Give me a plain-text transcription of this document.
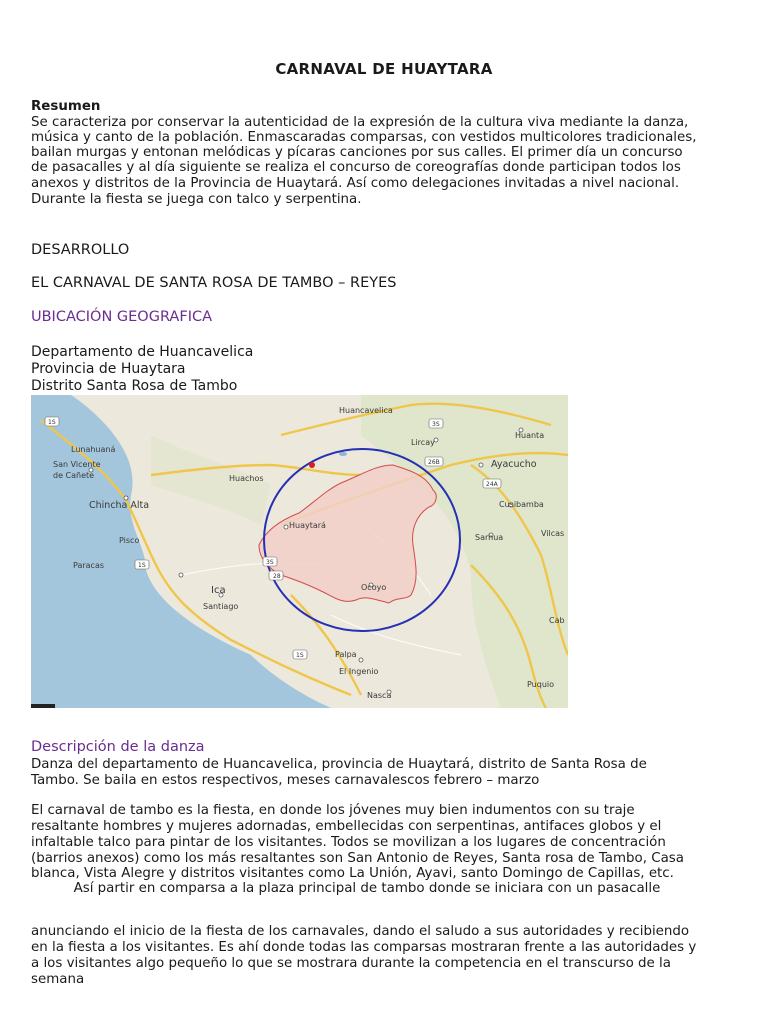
CARNAVAL DE HUAYTARA
Resumen
Se caracteriza por conservar la autenticidad de la expresión de la cultura viva mediante la danza,
música y canto de la población. Enmascaradas comparsas, con vestidos multicolores tradicionales,
bailan murgas y entonan melódicas y pícaras canciones por sus calles. El primer día un concurso
de pasacalles y al día siguiente se realiza el concurso de coreografías donde participan todos los
anexos y distritos de la Provincia de Huaytará. Así como delegaciones invitadas a nivel nacional.
Durante la fiesta se juega con talco y serpentina.
DESARROLLO
EL CARNAVAL DE SANTA ROSA DE TAMBO – REYES
UBICACIÓN GEOGRAFICA
Departamento de Huancavelica
Provincia de Huaytara
Distrito Santa Rosa de Tambo
Huancavelica
Huanta
Lircay
Ayacucho
Lunahuaná
San Vicente
de Cañete
Chincha Alta
Huachos
Huaytará
Pisco
Paracas
Ica
Santiago
Ocoyo
Cusibamba
Sarhua	Vilcas
Palpa
El Ingenio
Nasca
Puquio
Cab
3S
26B
24A
1S
1S
1S
28
3S
Descripción de la danza
Danza del departamento de Huancavelica, provincia de Huaytará, distrito de Santa Rosa de
Tambo. Se baila en estos respectivos, meses carnavalescos febrero – marzo
El carnaval de tambo es la fiesta, en donde los jóvenes muy bien indumentos con su traje
resaltante hombres y mujeres adornadas, embellecidas con serpentinas, antifaces globos y el
infaltable talco para pintar de los visitantes. Todos se movilizan a los lugares de concentración
(barrios anexos) como los más resaltantes son San Antonio de Reyes, Santa rosa de Tambo, Casa
blanca, Vista Alegre y distritos visitantes como La Unión, Ayavi, santo Domingo de Capillas, etc.
Así partir en comparsa a la plaza principal de tambo donde se iniciara con un pasacalle
anunciando el inicio de la fiesta de los carnavales, dando el saludo a sus autoridades y recibiendo
en la fiesta a los visitantes. Es ahí donde todas las comparsas mostraran frente a las autoridades y
a los visitantes algo pequeño lo que se mostrara durante la competencia en el transcurso de la
semana
